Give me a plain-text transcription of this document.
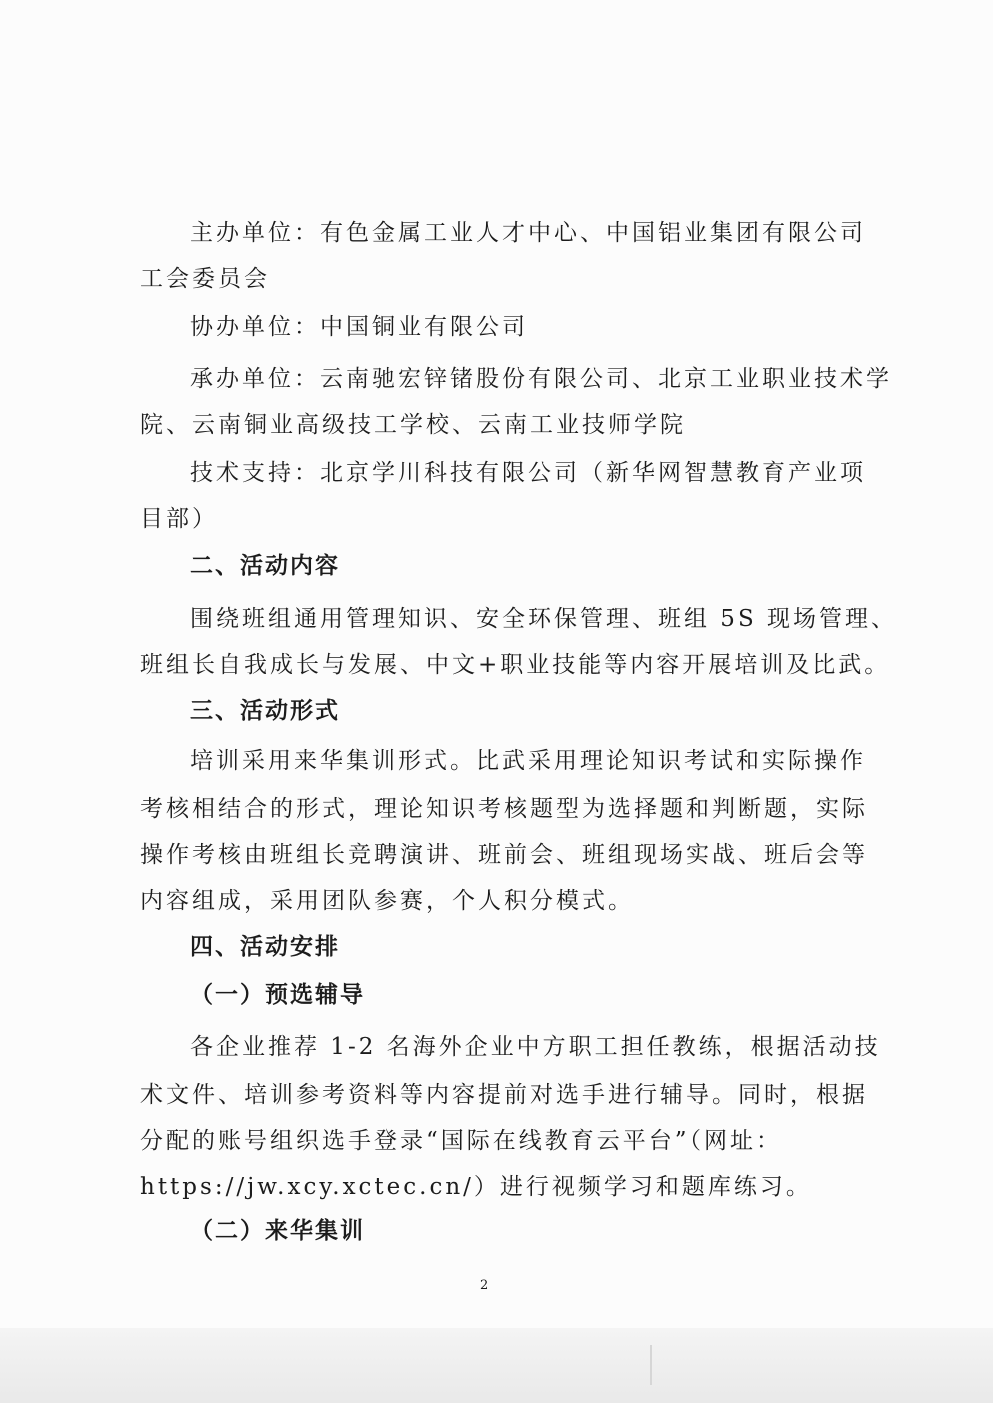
主办单位：有色金属工业人才中心、中国铝业集团有限公司
工会委员会
协办单位：中国铜业有限公司
承办单位：云南驰宏锌锗股份有限公司、北京工业职业技术学
院、云南铜业高级技工学校、云南工业技师学院
技术支持：北京学川科技有限公司（新华网智慧教育产业项
目部）
二、活动内容
围绕班组通用管理知识、安全环保管理、班组 5S 现场管理、
班组长自我成长与发展、中文+职业技能等内容开展培训及比武。
三、活动形式
培训采用来华集训形式。比武采用理论知识考试和实际操作
考核相结合的形式，理论知识考核题型为选择题和判断题，实际
操作考核由班组长竞聘演讲、班前会、班组现场实战、班后会等
内容组成，采用团队参赛，个人积分模式。
四、活动安排
（一）预选辅导
各企业推荐 1-2 名海外企业中方职工担任教练，根据活动技
术文件、培训参考资料等内容提前对选手进行辅导。同时，根据
分配的账号组织选手登录“国际在线教育云平台”（网址：
https://jw.xcy.xctec.cn/）进行视频学习和题库练习。
（二）来华集训
2
